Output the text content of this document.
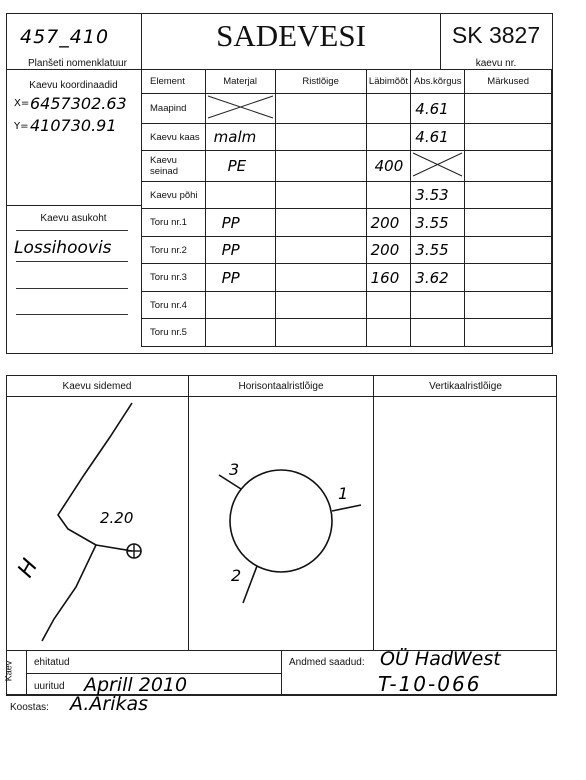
457_410
Planšeti nomenklatuur
SADEVESI	SK 3827
kaevu nr.
Kaevu koordinaadid
X= 6457302.63
Y= 410730.91
Kaevu asukoht
Lossihoovis
Element	Materjal	Ristlõige	Läbimõõt	Abs.kõrgus	Märkused
Maapind				4.61	
Kaevu kaas	malm			4.61	
Kaevu seinad	PE		400		
Kaevu põhi				3.53	
Toru nr.1	PP		200	3.55	
Toru nr.2	PP		200	3.55	
Toru nr.3	PP		160	3.62	
Toru nr.4					
Toru nr.5					
Kaevu sidemed	Horisontaalristlõige	Vertikaalristlõige
2.20
H
1
2
3
Kaev ehitatud
uuritud Aprill 2010
Andmed saadud: OÜ HadWest
T-10-066
Koostas: A.Arikas
